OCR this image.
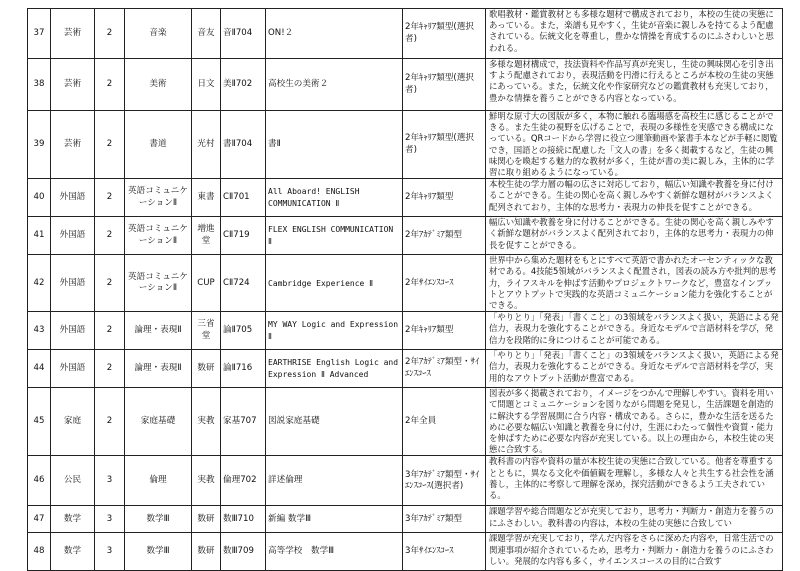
37	芸術	2	音楽	音友	音Ⅱ704	ON!２	2年ｷｬﾘｱ類型(選択者)	歌唱教材・鑑賞教材とも多様な題材で構成されており，本校の生徒の実態にあっている。また，楽譜も見やすく，生徒が音楽に親しみを持てるよう配慮されている。伝統文化を尊重し，豊かな情操を育成するのにふさわしいと思われる。
38	芸術	2	美術	日文	美Ⅱ702	高校生の美術２	2年ｷｬﾘｱ類型(選択者)	多様な題材構成で，技法資料や作品写真が充実し，生徒の興味関心を引き出すよう配慮されており，表現活動を円滑に行えるところが本校の生徒の実態にあっている。また，伝統文化や作家研究などの鑑賞教材も充実しており，豊かな情操を養うことができる内容となっている。
39	芸術	2	書道	光村	書Ⅱ704	書Ⅱ	2年ｷｬﾘｱ類型(選択者)	鮮明な原寸大の図版が多く，本物に触れる臨場感を高校生に感じることができる。また生徒の視野を広げることで，表現の多様性を実感できる構成になっている。QRコードから学習に役立つ運筆動画や篆書手本などが手軽に閲覧でき，国語との接続に配慮した「文人の書」を多く掲載するなど，生徒の興味関心を喚起する魅力的な教材が多く，生徒が書の美に親しみ，主体的に学習に取り組めるようになっている。
40	外国語	2	英語コミュニケーションⅡ	東書	CⅡ701	All Aboard! ENGLISH COMMUNICATION Ⅱ	2年ｷｬﾘｱ類型	本校生徒の学力層の幅の広さに対応しており，幅広い知識や教養を身に付けることができる。生徒の関心を高く親しみやすく新鮮な題材がバランスよく配列されており，主体的な思考力・表現力の伸長を促すことができる。
41	外国語	2	英語コミュニケーションⅡ	増進堂	CⅡ719	FLEX ENGLISH COMMUNICATION Ⅱ	2年ｱｶﾃﾞﾐｱ類型	幅広い知識や教養を身に付けることができる。生徒の関心を高く親しみやすく新鮮な題材がバランスよく配列されており，主体的な思考力・表現力の伸長を促すことができる。
42	外国語	2	英語コミュニケーションⅡ	CUP	CⅡ724	Cambridge Experience Ⅱ	2年ｻｲｴﾝｽｺｰｽ	世界中から集めた題材をもとにすべて英語で書かれたオーセンティックな教材である。4技能5領域がバランスよく配置され，図表の読み方や批判的思考力，ライフスキルを伸ばす活動やプロジェクトワークなど，豊富なインプットとアウトプットで実践的な英語コミュニケーション能力を強化することができる。
43	外国語	2	論理・表現Ⅱ	三省堂	論Ⅱ705	MY WAY Logic and Expression Ⅱ	2年ｷｬﾘｱ類型	「やりとり」「発表」「書くこと」の3領域をバランスよく扱い，英語による発信力，表現力を強化することができる。身近なモデルで言語材料を学び，発信力を段階的に身につけることが可能である。
44	外国語	2	論理・表現Ⅱ	数研	論Ⅱ716	EARTHRISE English Logic and Expression Ⅱ Advanced	2年ｱｶﾃﾞﾐｱ類型・ｻｲｴﾝｽｺｰｽ	「やりとり」「発表」「書くこと」の3領域をバランスよく扱い，英語による発信力，表現力を強化することができる。身近なモデルで言語材料を学び，実用的なアウトプット活動が豊富である。
45	家庭	2	家庭基礎	実教	家基707	図説家庭基礎	2年全員	図表が多く掲載されており，イメージをつかんで理解しやすい。資料を用いて問題とコミュニケーションを図りながら問題を発見し，生活課題を創造的に解決する学習展開に合う内容・構成である。さらに，豊かな生活を送るために必要な幅広い知識と教養を身に付け，生涯にわたって個性や資質・能力を伸ばすために必要な内容が充実している。以上の理由から，本校生徒の実態に合致する。
46	公民	3	倫理	実教	倫理702	詳述倫理	3年ｱｶﾃﾞﾐｱ類型・ｻｲｴﾝｽｺｰｽ(選択者)	教科書の内容や資料の量が本校生徒の実態に合致している。他者を尊重するとともに，異なる文化や価値観を理解し，多様な人々と共生する社会性を涵養し，主体的に考察して理解を深め，探究活動ができるよう工夫されている。
47	数学	3	数学Ⅲ	数研	数Ⅲ710	新編 数学Ⅲ	3年ｱｶﾃﾞﾐｱ類型	課題学習や総合問題などが充実しており，思考力・判断力・創造力を養うのにふさわしい。教科書の内容は，本校の生徒の実態に合致してい
48	数学	3	数学Ⅲ	数研	数Ⅲ709	高等学校　数学Ⅲ	3年ｻｲｴﾝｽｺｰｽ	課題学習が充実しており，学んだ内容をさらに深めた内容や，日常生活での関連事項が紹介されているため，思考力・判断力・創造力を養うのにふさわしい。発展的な内容も多く，サイエンスコースの目的に合致す
